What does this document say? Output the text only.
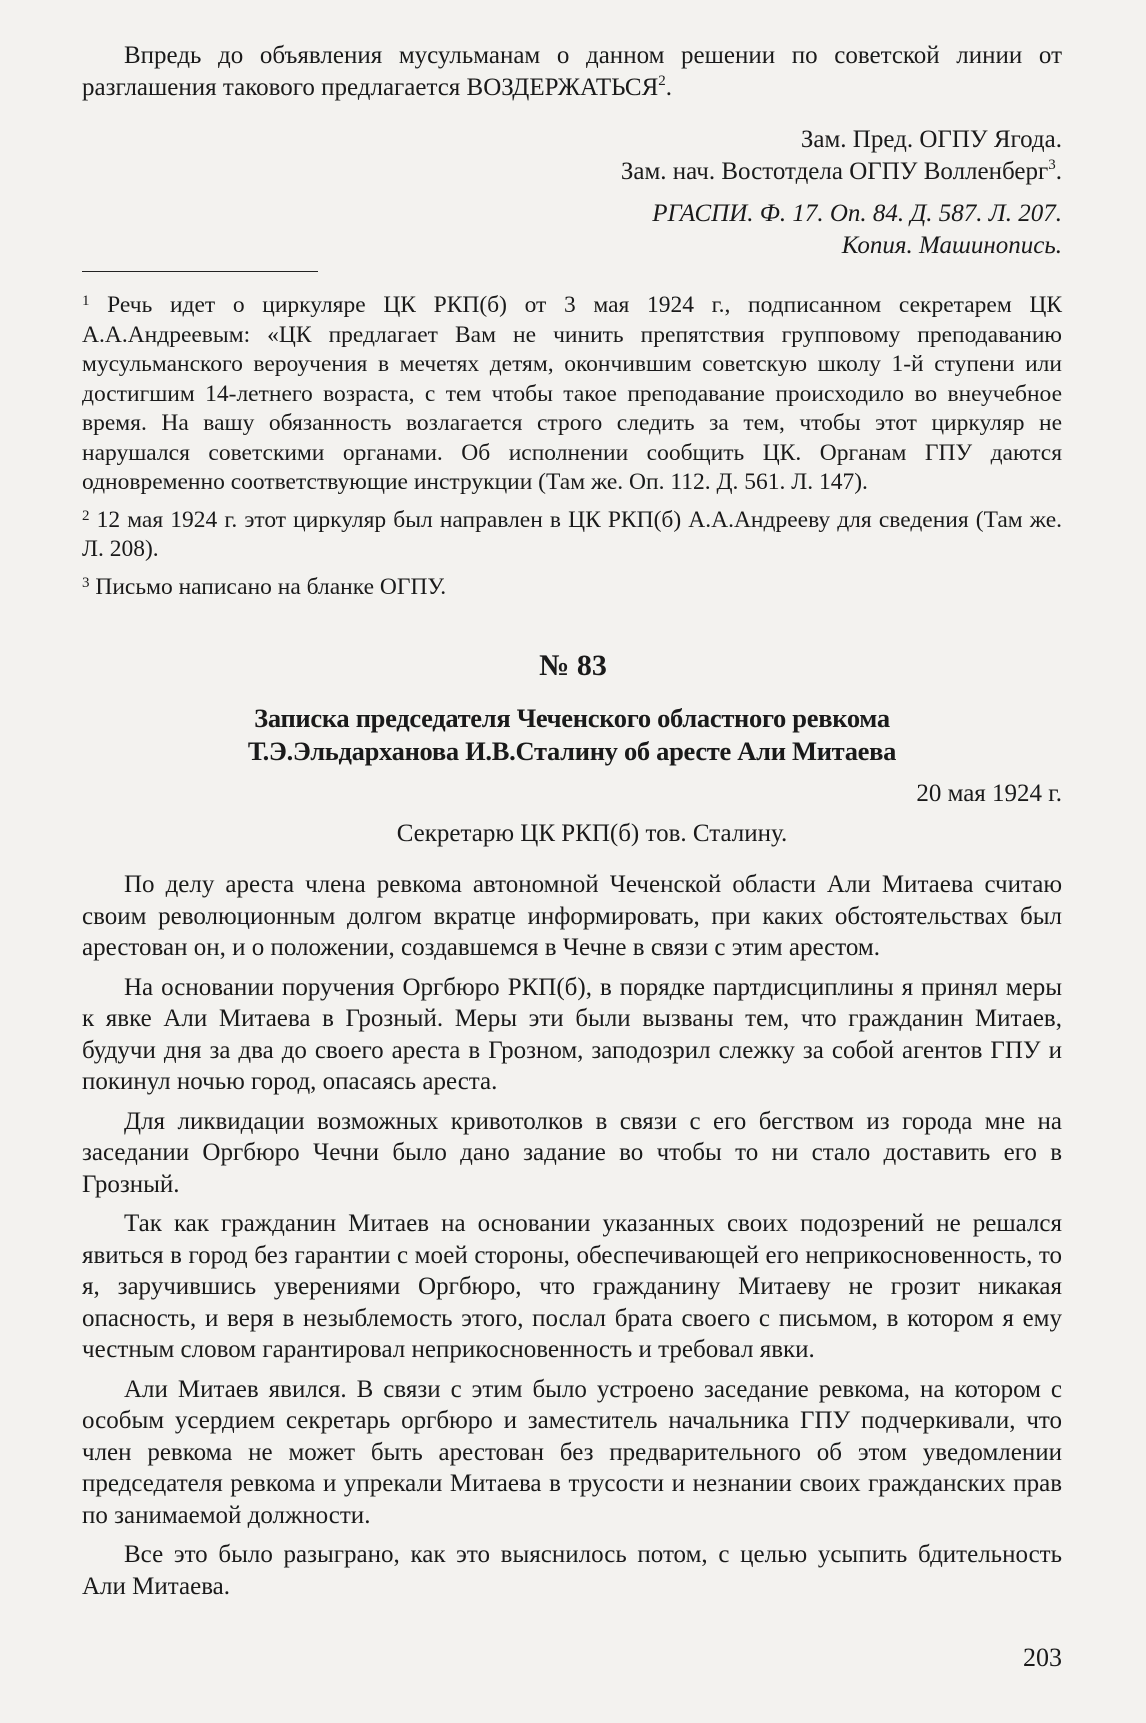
Впредь до объявления мусульманам о данном решении по советской линии от разглашения такового предлагается ВОЗДЕРЖАТЬСЯ$^2$.

Зам. Пред. ОГПУ Ягода.

Зам. нач. Востотдела ОГПУ Волленберг$^3$.

РГАСПИ. Ф. 17. Оп. 84. Д. 587. Л. 207.

Копия. Машинопись.

$^1$ Речь идет о циркуляре ЦК РКП(б) от 3 мая 1924 г., подписанном секретарем ЦК А.А.Андреевым: «ЦК предлагает Вам не чинить препятствия групповому преподаванию мусульманского вероучения в мечетях детям, окончившим советскую школу 1-й ступени или достигшим 14-летнего возраста, с тем чтобы такое преподавание происходило во внеучебное время. На вашу обязанность возлагается строго следить за тем, чтобы этот циркуляр не нарушался советскими органами. Об исполнении сообщить ЦК. Органам ГПУ даются одновременно соответствующие инструкции (Там же. Оп. 112. Д. 561. Л. 147).

$^2$ 12 мая 1924 г. этот циркуляр был направлен в ЦК РКП(б) А.А.Андрееву для сведения (Там же. Л. 208).

$^3$ Письмо написано на бланке ОГПУ.

№ 83
Записка председателя Чеченского областного ревкома
Т.Э.Эльдарханова И.В.Сталину об аресте Али Митаева

20 мая 1924 г.

Секретарю ЦК РКП(б) тов. Сталину.

По делу ареста члена ревкома автономной Чеченской области Али Митаева считаю своим революционным долгом вкратце информировать, при каких обстоятельствах был арестован он, и о положении, создавшемся в Чечне в связи с этим арестом.

На основании поручения Оргбюро РКП(б), в порядке партдисциплины я принял меры к явке Али Митаева в Грозный. Меры эти были вызваны тем, что гражданин Митаев, будучи дня за два до своего ареста в Грозном, заподозрил слежку за собой агентов ГПУ и покинул ночью город, опасаясь ареста.

Для ликвидации возможных кривотолков в связи с его бегством из города мне на заседании Оргбюро Чечни было дано задание во чтобы то ни стало доставить его в Грозный.

Так как гражданин Митаев на основании указанных своих подозрений не решался явиться в город без гарантии с моей стороны, обеспечивающей его неприкосновенность, то я, заручившись уверениями Оргбюро, что гражданину Митаеву не грозит никакая опасность, и веря в незыблемость этого, послал брата своего с письмом, в котором я ему честным словом гарантировал неприкосновенность и требовал явки.

Али Митаев явился. В связи с этим было устроено заседание ревкома, на котором с особым усердием секретарь оргбюро и заместитель начальника ГПУ подчеркивали, что член ревкома не может быть арестован без предварительного об этом уведомлении председателя ревкома и упрекали Митаева в трусости и незнании своих гражданских прав по занимаемой должности.

Все это было разыграно, как это выяснилось потом, с целью усыпить бдительность Али Митаева.

203
